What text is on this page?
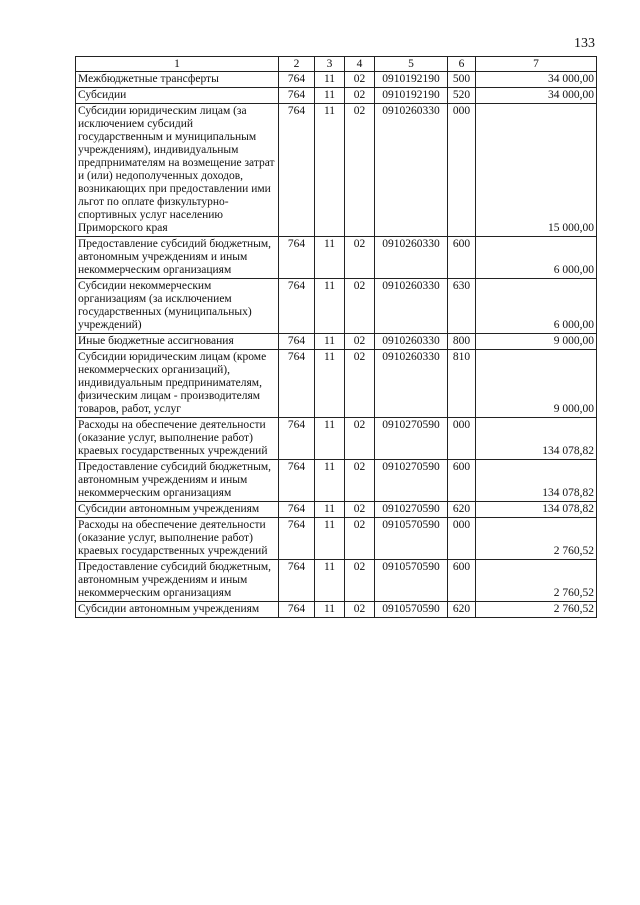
133
1	2	3	4	5	6	7
Межбюджетные трансферты	764	11	02	0910192190	500	34 000,00
Субсидии	764	11	02	0910192190	520	34 000,00
Субсидии юридическим лицам (за исключением субсидий государственным и муниципальным учреждениям), индивидуальным предпрнимателям на возмещение затрат и (или) недополученных доходов, возникающих при предоставлении ими льгот по оплате физкультурно-спортивных услуг населению Приморского края	764	11	02	0910260330	000	15 000,00
Предоставление субсидий бюджетным, автономным учреждениям и иным некоммерческим организациям	764	11	02	0910260330	600	6 000,00
Субсидии некоммерческим организациям (за исключением государственных (муниципальных) учреждений)	764	11	02	0910260330	630	6 000,00
Иные бюджетные ассигнования	764	11	02	0910260330	800	9 000,00
Субсидии юридическим лицам (кроме некоммерческих организаций), индивидуальным предпринимателям, физическим лицам - производителям товаров, работ, услуг	764	11	02	0910260330	810	9 000,00
Расходы на обеспечение деятельности (оказание услуг, выполнение работ) краевых государственных учреждений	764	11	02	0910270590	000	134 078,82
Предоставление субсидий бюджетным, автономным учреждениям и иным некоммерческим организациям	764	11	02	0910270590	600	134 078,82
Субсидии автономным учреждениям	764	11	02	0910270590	620	134 078,82
Расходы на обеспечение деятельности (оказание услуг, выполнение работ) краевых государственных учреждений	764	11	02	0910570590	000	2 760,52
Предоставление субсидий бюджетным, автономным учреждениям и иным некоммерческим организациям	764	11	02	0910570590	600	2 760,52
Субсидии автономным учреждениям	764	11	02	0910570590	620	2 760,52
